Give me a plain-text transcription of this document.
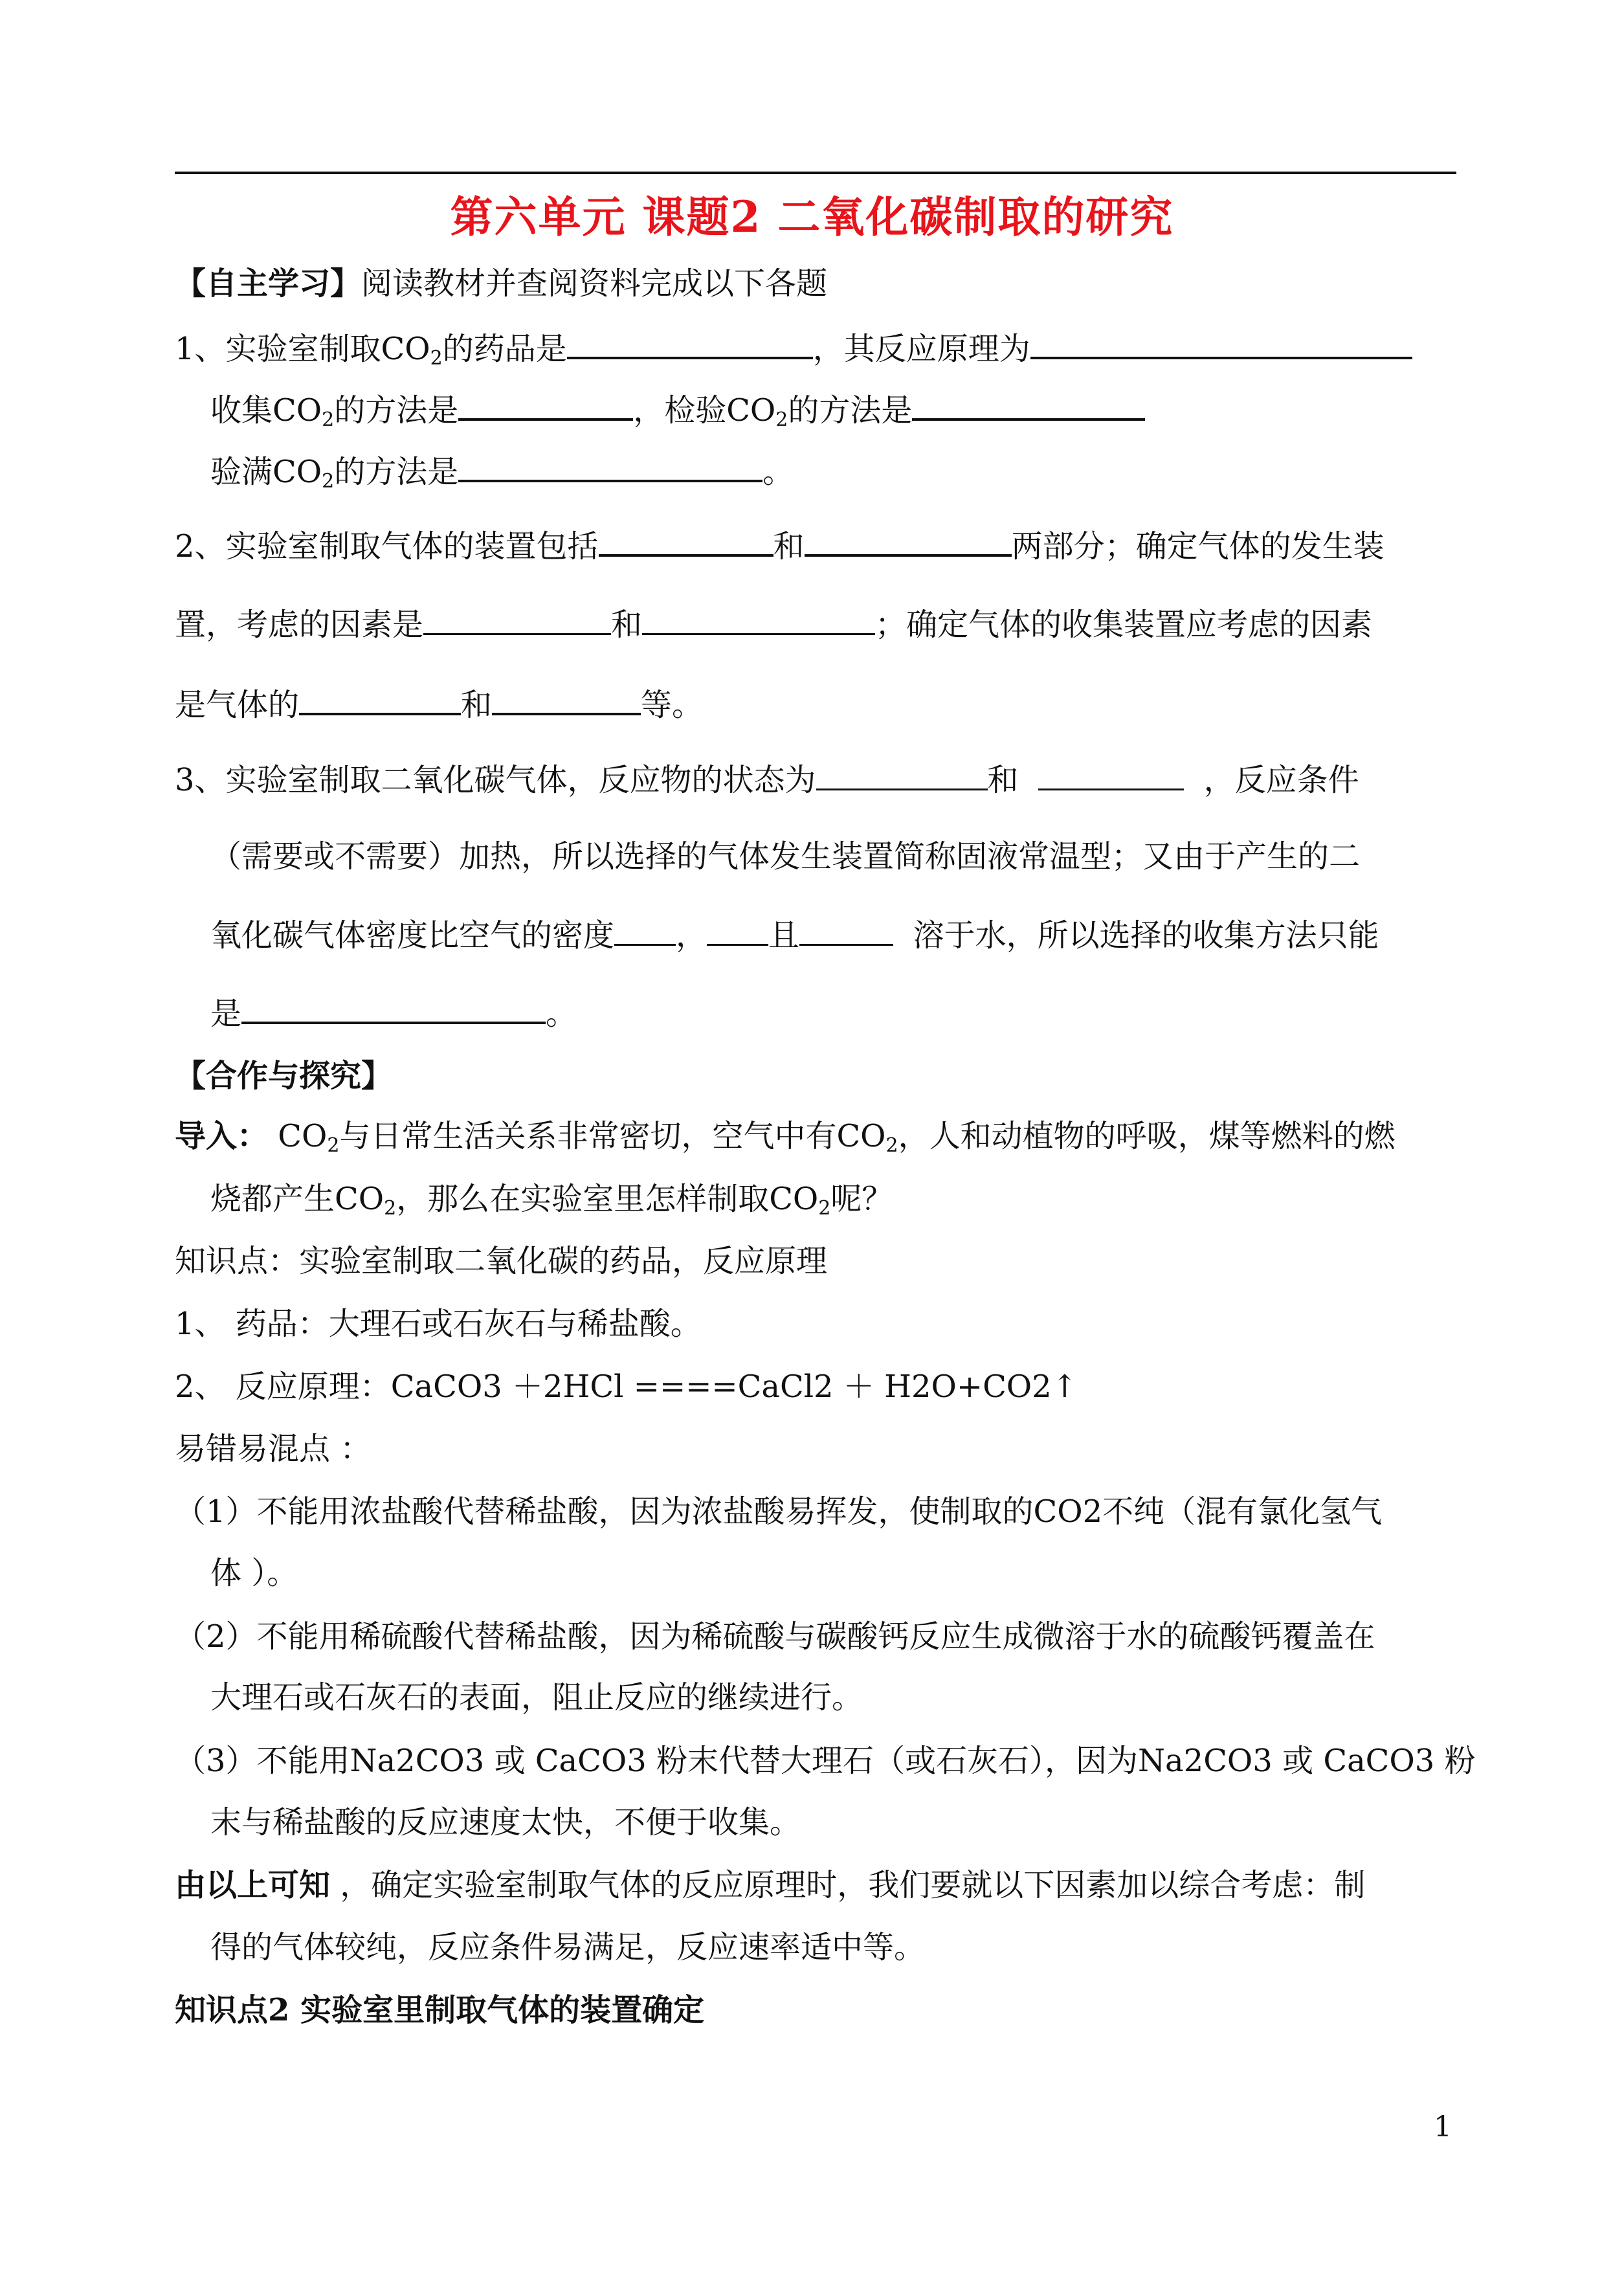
第六单元 课题2 二氧化碳制取的研究
【自主学习】阅读教材并查阅资料完成以下各题
1、实验室制取$CO_2$的药品是	，其反应原理为
收集$CO_2$的方法是	，检验$CO_2$的方法是
验满$CO_2$的方法是	。
2、实验室制取气体的装置包括	和	两部分；确定气体的发生装
置，考虑的因素是	和	；确定气体的收集装置应考虑的因素
是气体的	和	等。
3、实验室制取二氧化碳气体，反应物的状态为	和	，反应条件
（需要或不需要）加热，所以选择的气体发生装置简称固液常温型；又由于产生的二
氧化碳气体密度比空气的密度 ， 且	溶于水，所以选择的收集方法只能
是	。
【合作与探究】
导入： $CO_2$与日常生活关系非常密切，空气中有$CO_2$，人和动植物的呼吸，煤等燃料的燃
烧都产生$CO_2$，那么在实验室里怎样制取$CO_2$呢？
知识点：实验室制取二氧化碳的药品，反应原理
1、 药品：大理石或石灰石与稀盐酸。
2、 反应原理：CaCO3 ＋2HCl ====CaCl2 ＋ H2O+CO2↑
易错易混点 ：
（1）不能用浓盐酸代替稀盐酸，因为浓盐酸易挥发，使制取的CO2不纯（混有氯化氢气
体 ）。
（2）不能用稀硫酸代替稀盐酸，因为稀硫酸与碳酸钙反应生成微溶于水的硫酸钙覆盖在
大理石或石灰石的表面，阻止反应的继续进行。
（3）不能用Na2CO3 或 CaCO3 粉末代替大理石（或石灰石），因为Na2CO3 或 CaCO3 粉
末与稀盐酸的反应速度太快，不便于收集。
由以上可知 ，确定实验室制取气体的反应原理时，我们要就以下因素加以综合考虑：制
得的气体较纯，反应条件易满足，反应速率适中等。
知识点2 实验室里制取气体的装置确定
1
